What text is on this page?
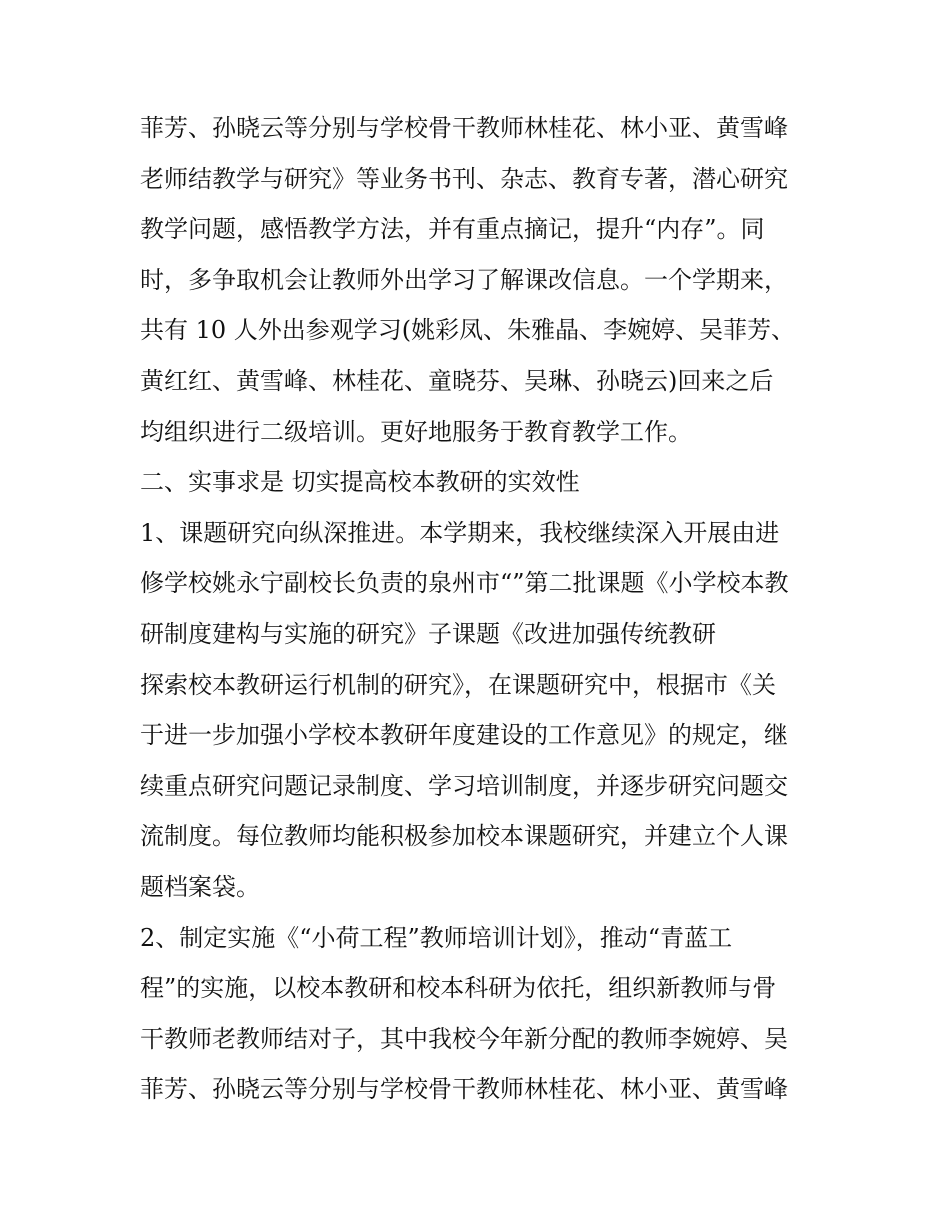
菲芳、孙晓云等分别与学校骨干教师林桂花、林小亚、黄雪峰
老师结教学与研究》等业务书刊、杂志、教育专著，潜心研究
教学问题，感悟教学方法，并有重点摘记，提升“内存”。同
时，多争取机会让教师外出学习了解课改信息。一个学期来，
共有 10 人外出参观学习(姚彩凤、朱雅晶、李婉婷、吴菲芳、
黄红红、黄雪峰、林桂花、童晓芬、吴琳、孙晓云)回来之后
均组织进行二级培训。更好地服务于教育教学工作。
二、实事求是 切实提高校本教研的实效性
1、课题研究向纵深推进。本学期来，我校继续深入开展由进
修学校姚永宁副校长负责的泉州市“”第二批课题《小学校本教
研制度建构与实施的研究》子课题《改进加强传统教研
探索校本教研运行机制的研究》，在课题研究中，根据市《关
于进一步加强小学校本教研年度建设的工作意见》的规定，继
续重点研究问题记录制度、学习培训制度，并逐步研究问题交
流制度。每位教师均能积极参加校本课题研究，并建立个人课
题档案袋。
2、制定实施《“小荷工程”教师培训计划》，推动“青蓝工
程”的实施，以校本教研和校本科研为依托，组织新教师与骨
干教师老教师结对子，其中我校今年新分配的教师李婉婷、吴
菲芳、孙晓云等分别与学校骨干教师林桂花、林小亚、黄雪峰
